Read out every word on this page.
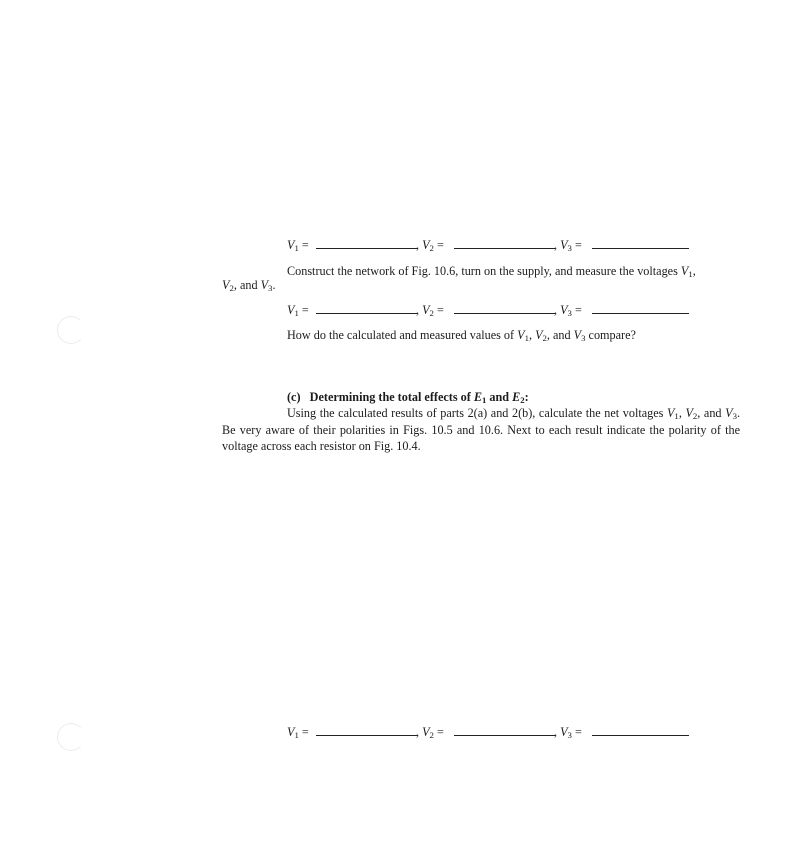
$V_1$ =	, $V_2$ =	, $V_3$ =
Construct the network of Fig. 10.6, turn on the supply, and measure the voltages $V_1$,
$V_2$, and $V_3$.
$V_1$ =	, $V_2$ =	, $V_3$ =
How do the calculated and measured values of $V_1$, $V_2$, and $V_3$ compare?
(c) Determining the total effects of $E_1$ and $E_2$:
Using the calculated results of parts 2(a) and 2(b), calculate the net voltages $V_1$, $V_2$, and $V_3$. Be very aware of their polarities in Figs. 10.5 and 10.6. Next to each result indicate the polarity of the voltage across each resistor on Fig. 10.4.
$V_1$ =	, $V_2$ =	, $V_3$ =
